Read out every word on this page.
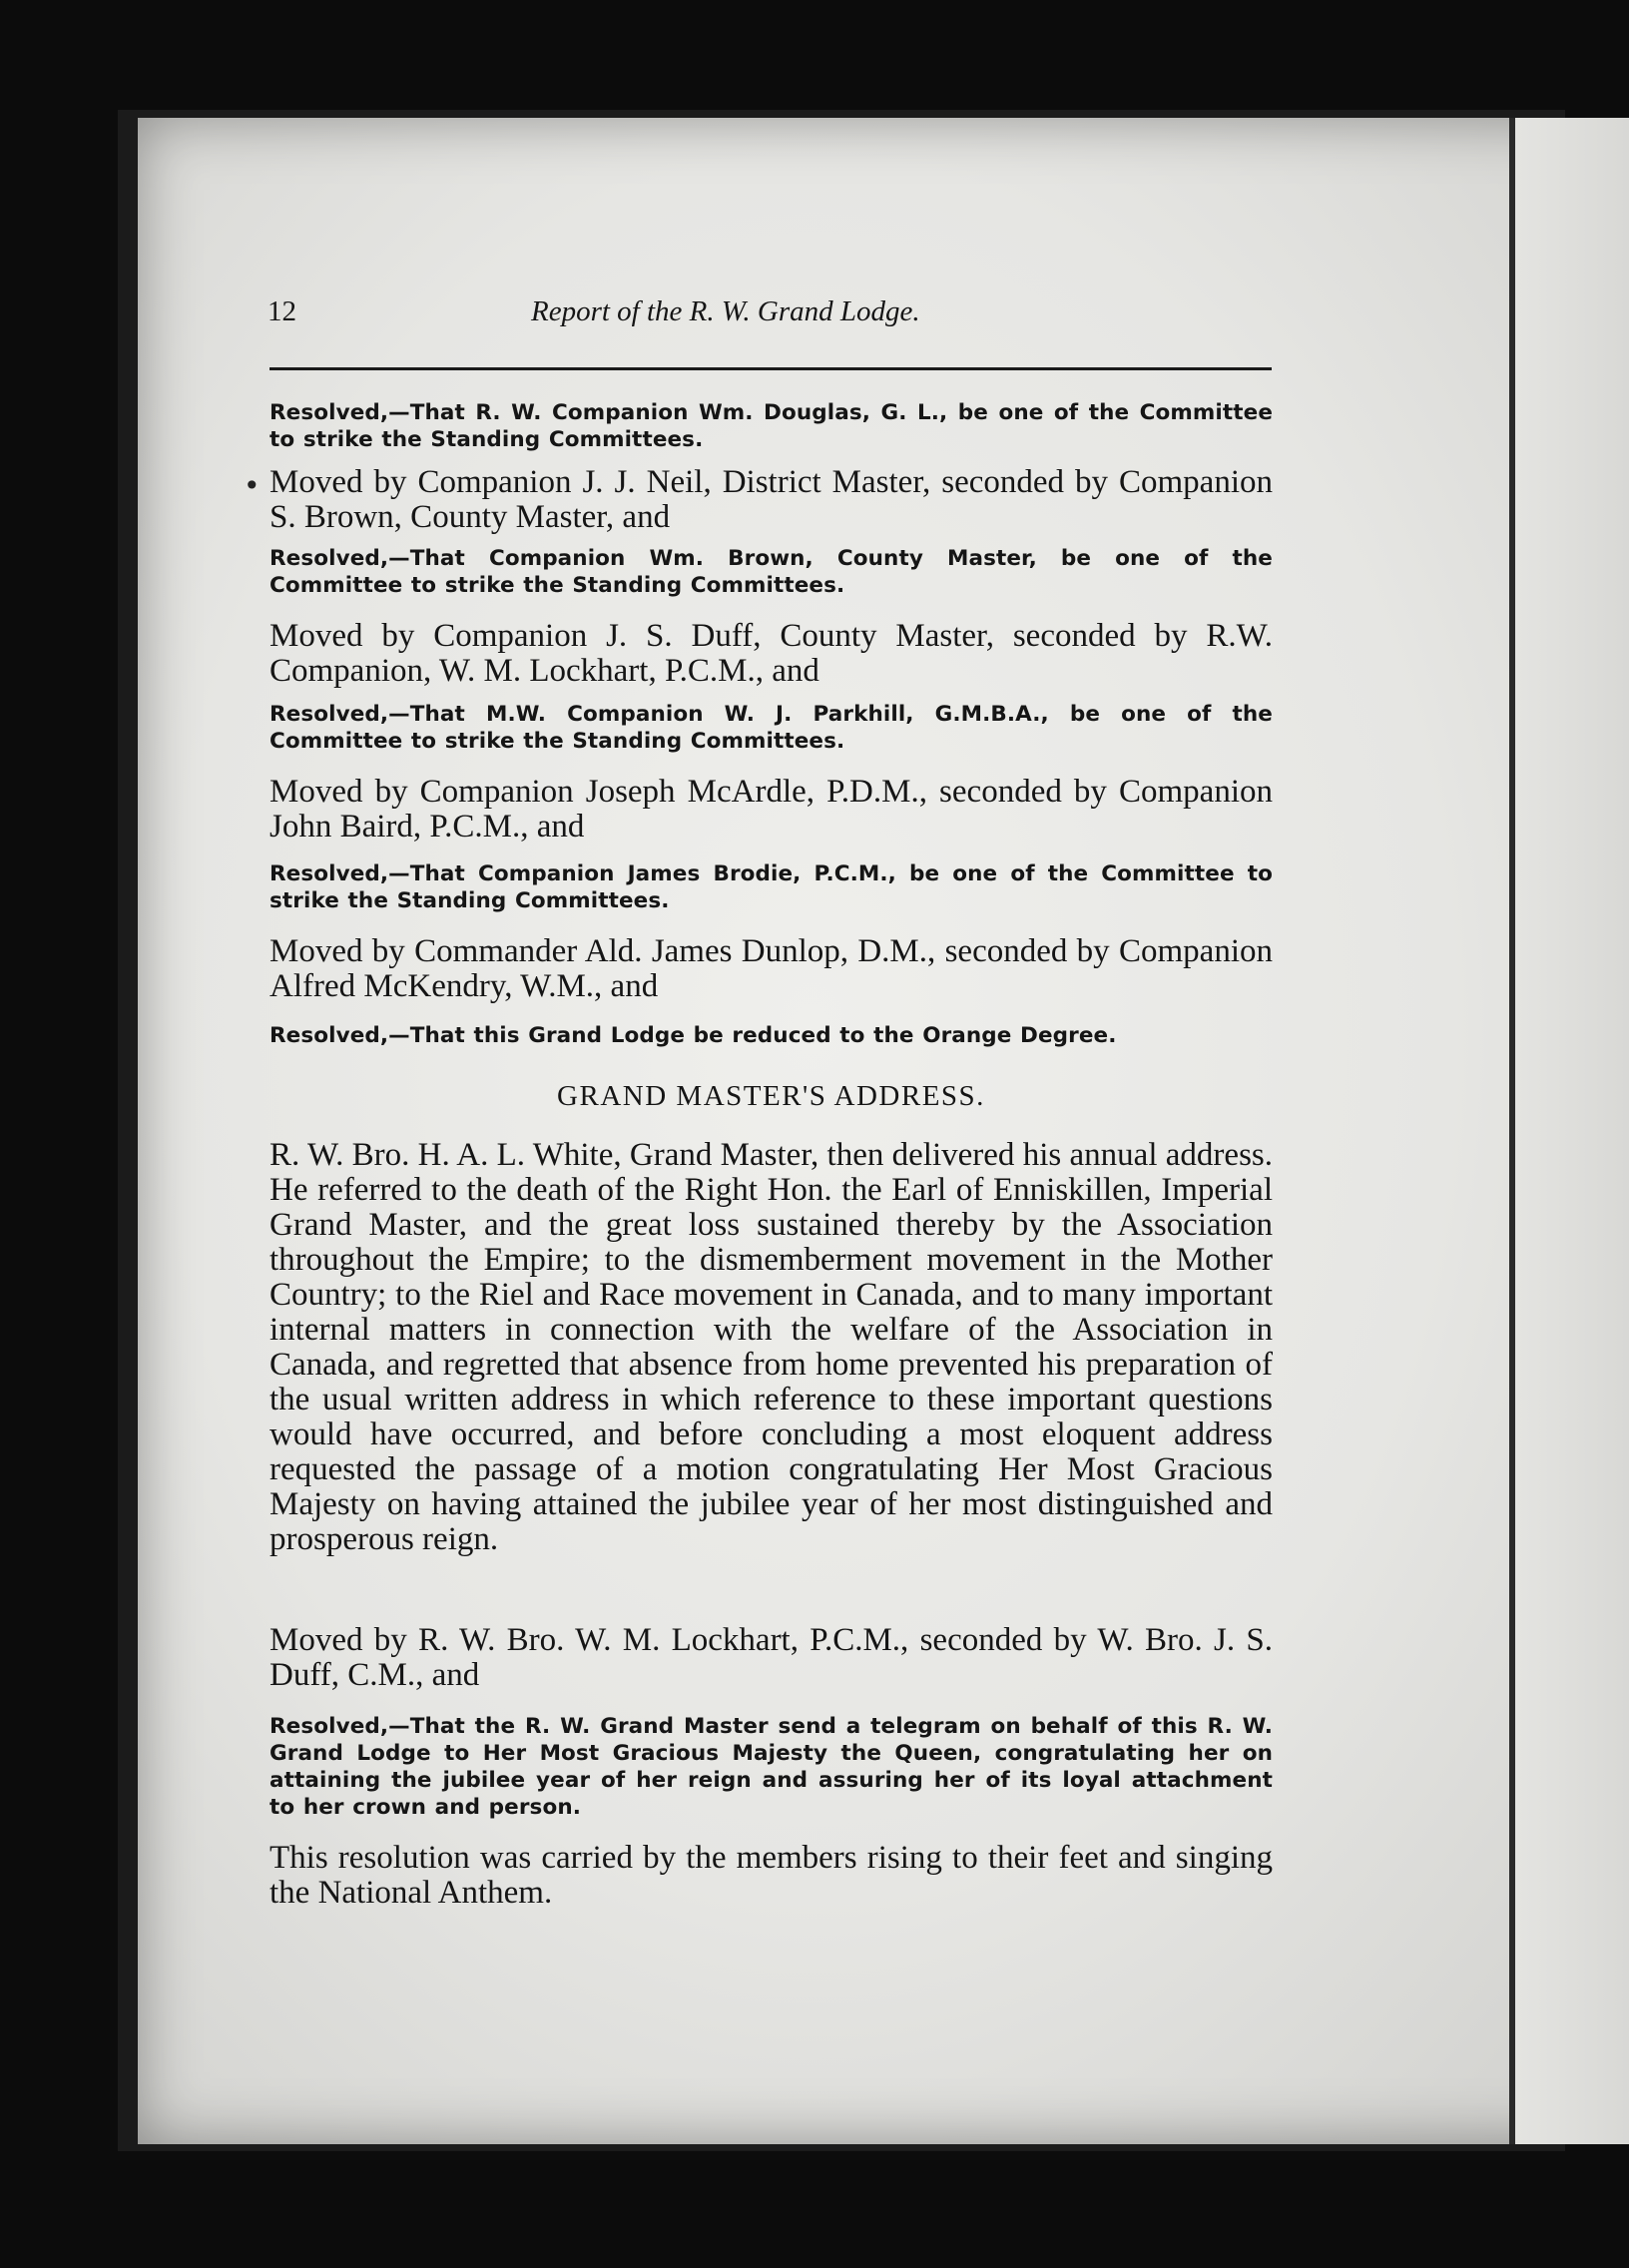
•
12	Report of the R. W. Grand Lodge.

Resolved,—That R. W. Companion Wm. Douglas, G. L., be one of the Committee to strike the Standing Committees.

Moved by Companion J. J. Neil, District Master, seconded by Companion S. Brown, County Master, and

Resolved,—That Companion Wm. Brown, County Master, be one of the Committee to strike the Standing Committees.

Moved by Companion J. S. Duff, County Master, seconded by R.W. Companion, W. M. Lockhart, P.C.M., and

Resolved,—That M.W. Companion W. J. Parkhill, G.M.B.A., be one of the Committee to strike the Standing Committees.

Moved by Companion Joseph McArdle, P.D.M., seconded by Companion John Baird, P.C.M., and

Resolved,—That Companion James Brodie, P.C.M., be one of the Committee to strike the Standing Committees.

Moved by Commander Ald. James Dunlop, D.M., seconded by Companion Alfred McKendry, W.M., and

Resolved,—That this Grand Lodge be reduced to the Orange Degree.

GRAND MASTER'S ADDRESS.

R. W. Bro. H. A. L. White, Grand Master, then delivered his annual address. He referred to the death of the Right Hon. the Earl of Enniskillen, Imperial Grand Master, and the great loss sustained thereby by the Association throughout the Empire; to the dismemberment movement in the Mother Country; to the Riel and Race movement in Canada, and to many important internal matters in connection with the welfare of the Association in Canada, and regretted that absence from home prevented his preparation of the usual written address in which reference to these important questions would have occurred, and before concluding a most eloquent address requested the passage of a motion congratulating Her Most Gracious Majesty on having attained the jubilee year of her most distinguished and prosperous reign.

Moved by R. W. Bro. W. M. Lockhart, P.C.M., seconded by W. Bro. J. S. Duff, C.M., and

Resolved,—That the R. W. Grand Master send a telegram on behalf of this R. W. Grand Lodge to Her Most Gracious Majesty the Queen, congratulating her on attaining the jubilee year of her reign and assuring her of its loyal attachment to her crown and person.

This resolution was carried by the members rising to their feet and singing the National Anthem.
